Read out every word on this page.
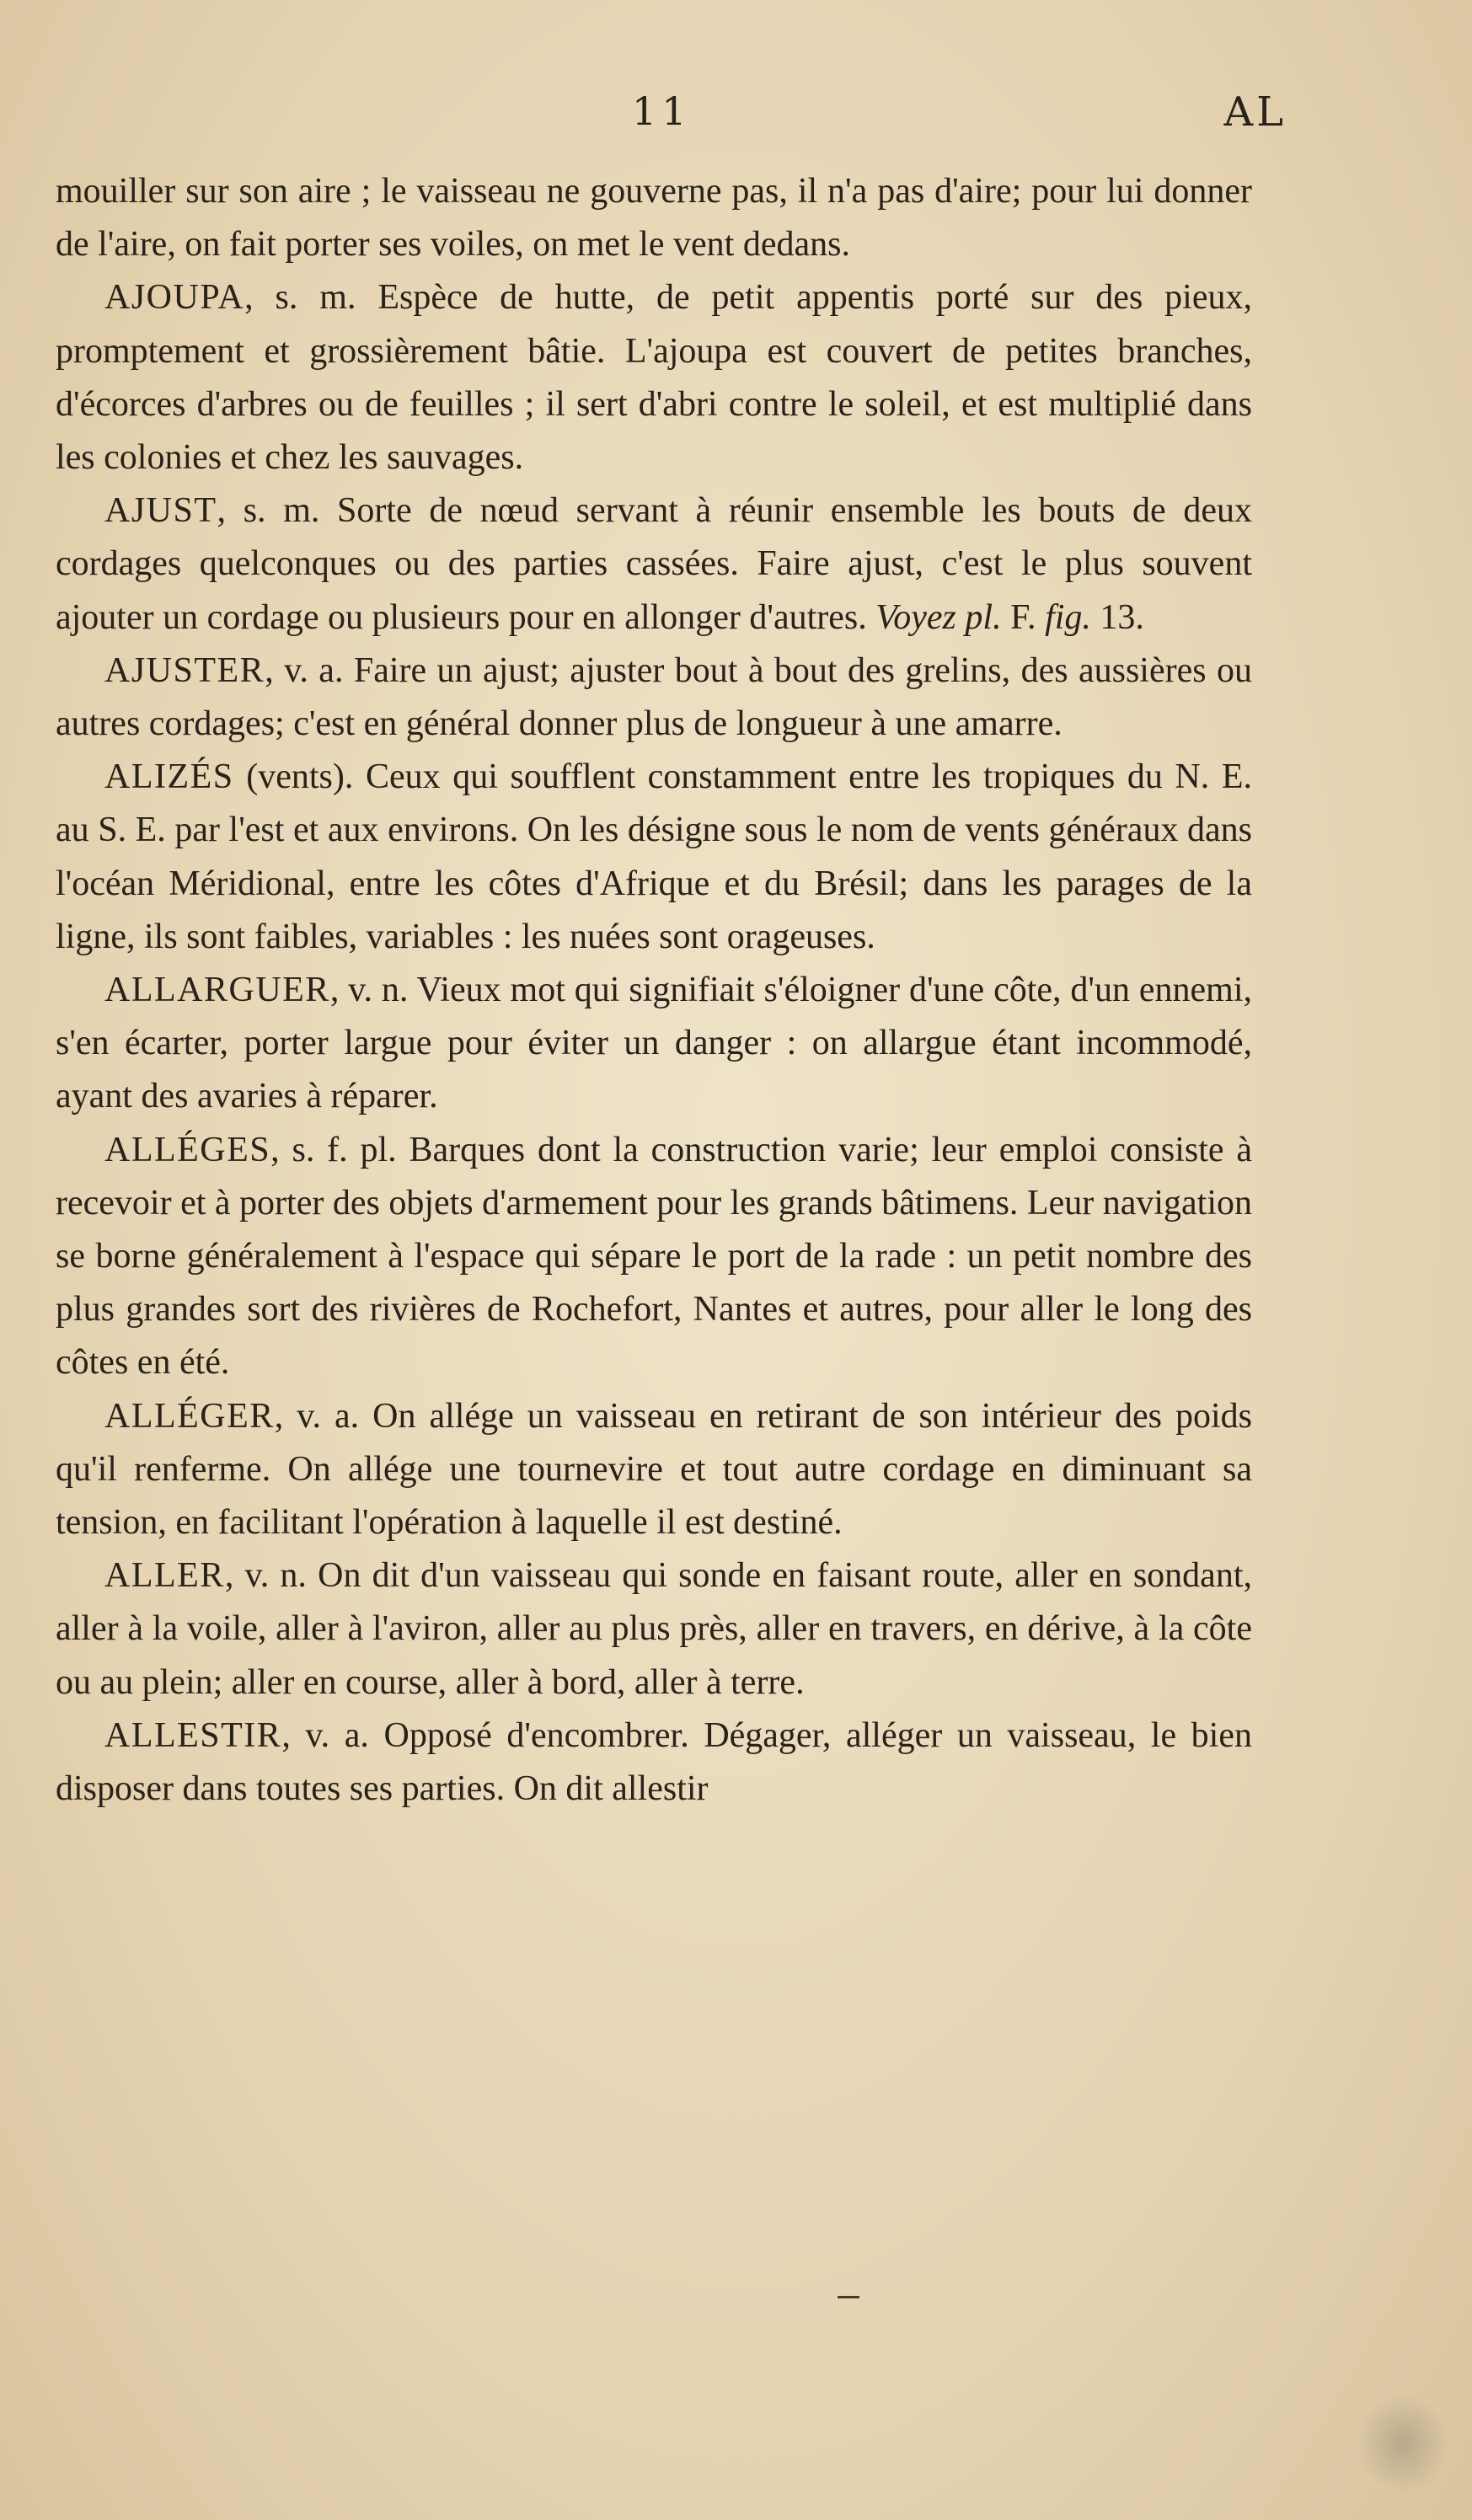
11	AL

mouiller sur son aire ; le vaisseau ne gouverne pas, il n'a pas d'aire; pour lui donner de l'aire, on fait porter ses voiles, on met le vent dedans.

AJOUPA, s. m. Espèce de hutte, de petit appentis porté sur des pieux, promptement et grossièrement bâtie. L'ajoupa est couvert de petites branches, d'écorces d'arbres ou de feuilles ; il sert d'abri contre le soleil, et est multiplié dans les colonies et chez les sauvages.

AJUST, s. m. Sorte de nœud servant à réunir ensemble les bouts de deux cordages quelconques ou des parties cassées. Faire ajust, c'est le plus souvent ajouter un cordage ou plusieurs pour en allonger d'autres. Voyez pl. F. fig. 13.

AJUSTER, v. a. Faire un ajust; ajuster bout à bout des grelins, des aussières ou autres cordages; c'est en général donner plus de longueur à une amarre.

ALIZÉS (vents). Ceux qui soufflent constamment entre les tropiques du N. E. au S. E. par l'est et aux environs. On les désigne sous le nom de vents généraux dans l'océan Méridional, entre les côtes d'Afrique et du Brésil; dans les parages de la ligne, ils sont faibles, variables : les nuées sont orageuses.

ALLARGUER, v. n. Vieux mot qui signifiait s'éloigner d'une côte, d'un ennemi, s'en écarter, porter largue pour éviter un danger : on allargue étant incommodé, ayant des avaries à réparer.

ALLÉGES, s. f. pl. Barques dont la construction varie; leur emploi consiste à recevoir et à porter des objets d'armement pour les grands bâtimens. Leur navigation se borne généralement à l'espace qui sépare le port de la rade : un petit nombre des plus grandes sort des rivières de Rochefort, Nantes et autres, pour aller le long des côtes en été.

ALLÉGER, v. a. On allége un vaisseau en retirant de son intérieur des poids qu'il renferme. On allége une tournevire et tout autre cordage en diminuant sa tension, en facilitant l'opération à laquelle il est destiné.

ALLER, v. n. On dit d'un vaisseau qui sonde en faisant route, aller en sondant, aller à la voile, aller à l'aviron, aller au plus près, aller en travers, en dérive, à la côte ou au plein; aller en course, aller à bord, aller à terre.

ALLESTIR, v. a. Opposé d'encombrer. Dégager, alléger un vaisseau, le bien disposer dans toutes ses parties. On dit allestir
